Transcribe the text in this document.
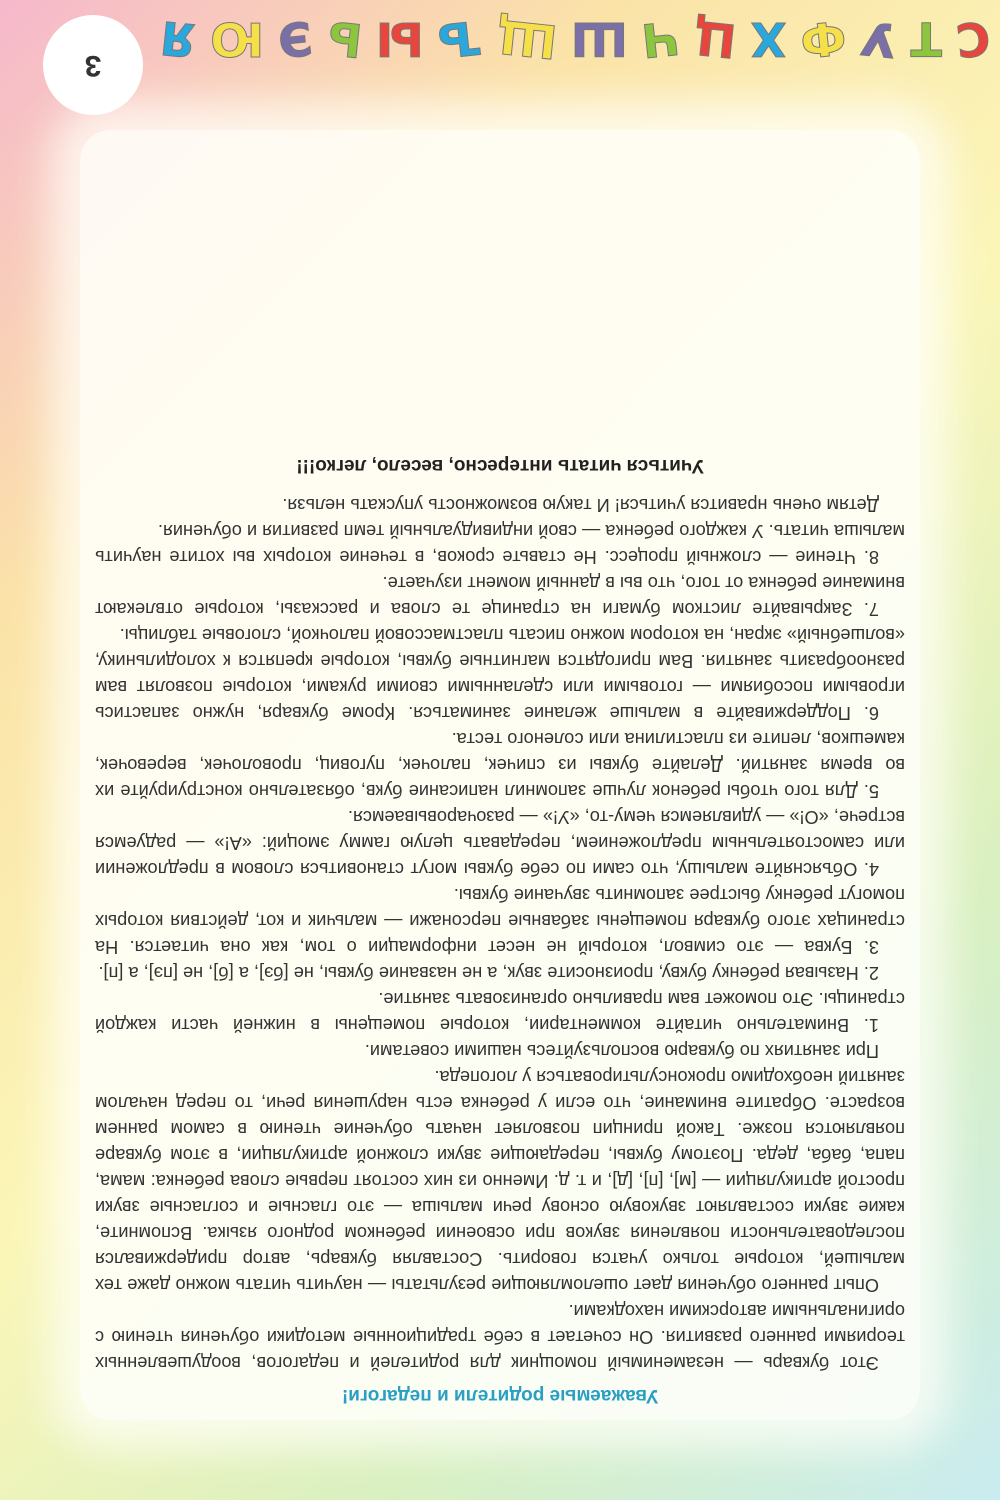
Уважаемые родители и педагоги!

Этот букварь — незаменимый помощник для родителей и педагогов, воодушевленных теориями раннего развития. Он сочетает в себе традиционные методики обучения чтению с оригинальными авторскими находками.

Опыт раннего обучения дает ошеломляющие результаты — научить читать можно даже тех малышей, которые только учатся говорить. Составляя букварь, автор придерживался последовательности появления звуков при освоении ребенком родного языка. Вспомните, какие звуки составляют звуковую основу речи малыша — это гласные и согласные звуки простой артикуляции — [м], [п], [д], и т. д. Именно из них состоят первые слова ребенка: мама, папа, баба, деда. Поэтому буквы, передающие звуки сложной артикуляции, в этом букваре появляются позже. Такой принцип позволяет начать обучение чтению в самом раннем возрасте. Обратите внимание, что если у ребенка есть нарушения речи, то перед началом занятий необходимо проконсультироваться у логопеда.

При занятиях по букварю воспользуйтесь нашими советами.

1. Внимательно читайте комментарии, которые помещены в нижней части каждой страницы. Это поможет вам правильно организовать занятие.

2. Называя ребенку букву, произносите звук, а не название буквы, не [бэ], а [б], не [пэ], а [п].

3. Буква — это символ, который не несет информации о том, как она читается. На страницах этого букваря помещены забавные персонажи — мальчик и кот, действия которых помогут ребенку быстрее запомнить звучание буквы.

4. Объясняйте малышу, что сами по себе буквы могут становиться словом в предложении или самостоятельным предложением, передавать целую гамму эмоций: «А!» — радуемся встрече, «О!» — удивляемся чему-то, «У!» — разочаровываемся.

5. Для того чтобы ребенок лучше запомнил написание букв, обязательно конструируйте их во время занятий. Делайте буквы из спичек, палочек, пуговиц, проволочек, веревочек, камешков, лепите из пластилина или соленого теста.

6. Поддерживайте в малыше желание заниматься. Кроме букваря, нужно запастись игровыми пособиями — готовыми или сделанными своими руками, которые позволят вам разнообразить занятия. Вам пригодятся магнитные буквы, которые крепятся к холодильнику, «волшебный» экран, на котором можно писать пластмассовой палочкой, слоговые таблицы.

7. Закрывайте листком бумаги на странице те слова и рассказы, которые отвлекают внимание ребенка от того, что вы в данный момент изучаете.

8. Чтение — сложный процесс. Не ставьте сроков, в течение которых вы хотите научить малыша читать. У каждого ребенка — свой индивидуальный темп развития и обучения.

Детям очень нравится учиться! И такую возможность упускать нельзя.

Учиться читать интересно, весело, легко!!!
С
Т
У
Ф
Х
Ц
Ч
Ш
Щ
Ъ
Ы
Ь
Э
Ю
Я
3
